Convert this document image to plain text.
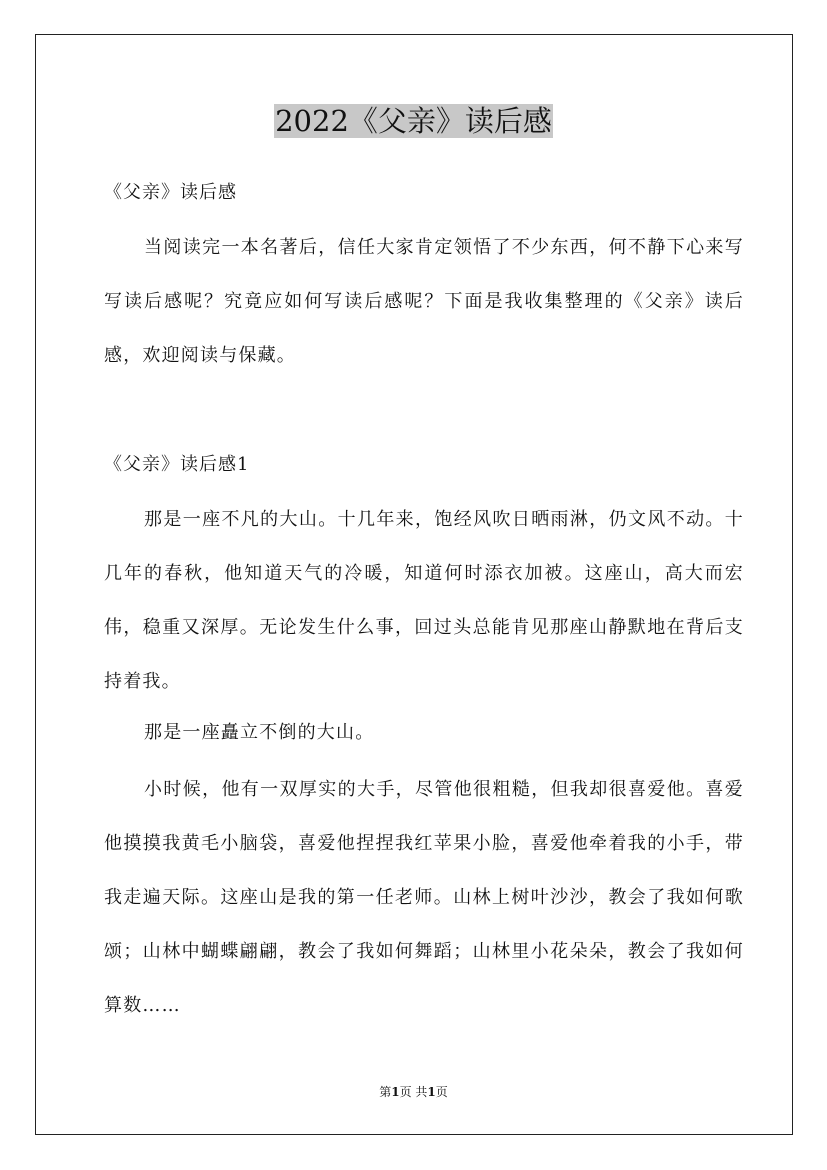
2022《父亲》读后感

《父亲》读后感

当阅读完一本名著后，信任大家肯定领悟了不少东西，何不静下心来写写读后感呢？究竟应如何写读后感呢？下面是我收集整理的《父亲》读后感，欢迎阅读与保藏。

《父亲》读后感1

那是一座不凡的大山。十几年来，饱经风吹日晒雨淋，仍文风不动。十几年的春秋，他知道天气的冷暖，知道何时添衣加被。这座山，高大而宏伟，稳重又深厚。无论发生什么事，回过头总能肯见那座山静默地在背后支持着我。

那是一座矗立不倒的大山。

小时候，他有一双厚实的大手，尽管他很粗糙，但我却很喜爱他。喜爱他摸摸我黄毛小脑袋，喜爱他捏捏我红苹果小脸，喜爱他牵着我的小手，带我走遍天际。这座山是我的第一任老师。山林上树叶沙沙，教会了我如何歌颂；山林中蝴蝶翩翩，教会了我如何舞蹈；山林里小花朵朵，教会了我如何算数……

第1页 共1页
